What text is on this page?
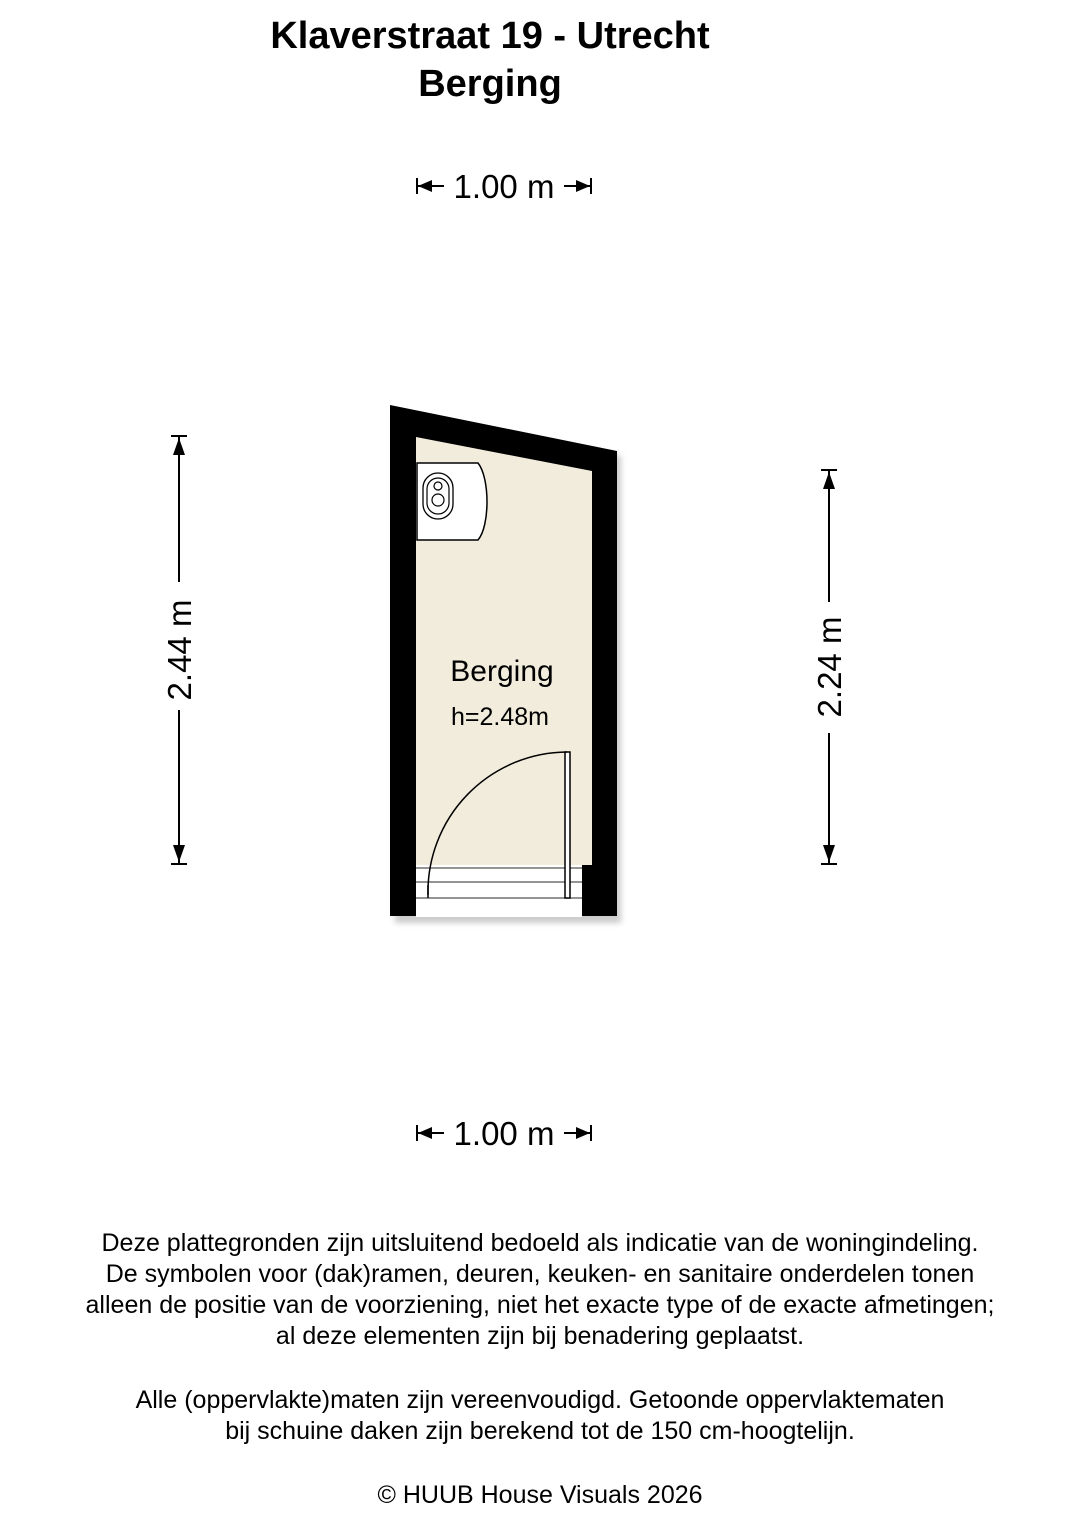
Klaverstraat 19 - Utrecht
Berging
1.00 m
1.00 m
2.44 m	2.24 m
Berging
h=2.48m
Deze plattegronden zijn uitsluitend bedoeld als indicatie van de woningindeling.
De symbolen voor (dak)ramen, deuren, keuken- en sanitaire onderdelen tonen
alleen de positie van de voorziening, niet het exacte type of de exacte afmetingen;
al deze elementen zijn bij benadering geplaatst.
Alle (oppervlakte)maten zijn vereenvoudigd. Getoonde oppervlaktematen
bij schuine daken zijn berekend tot de 150 cm-hoogtelijn.
© HUUB House Visuals 2026
